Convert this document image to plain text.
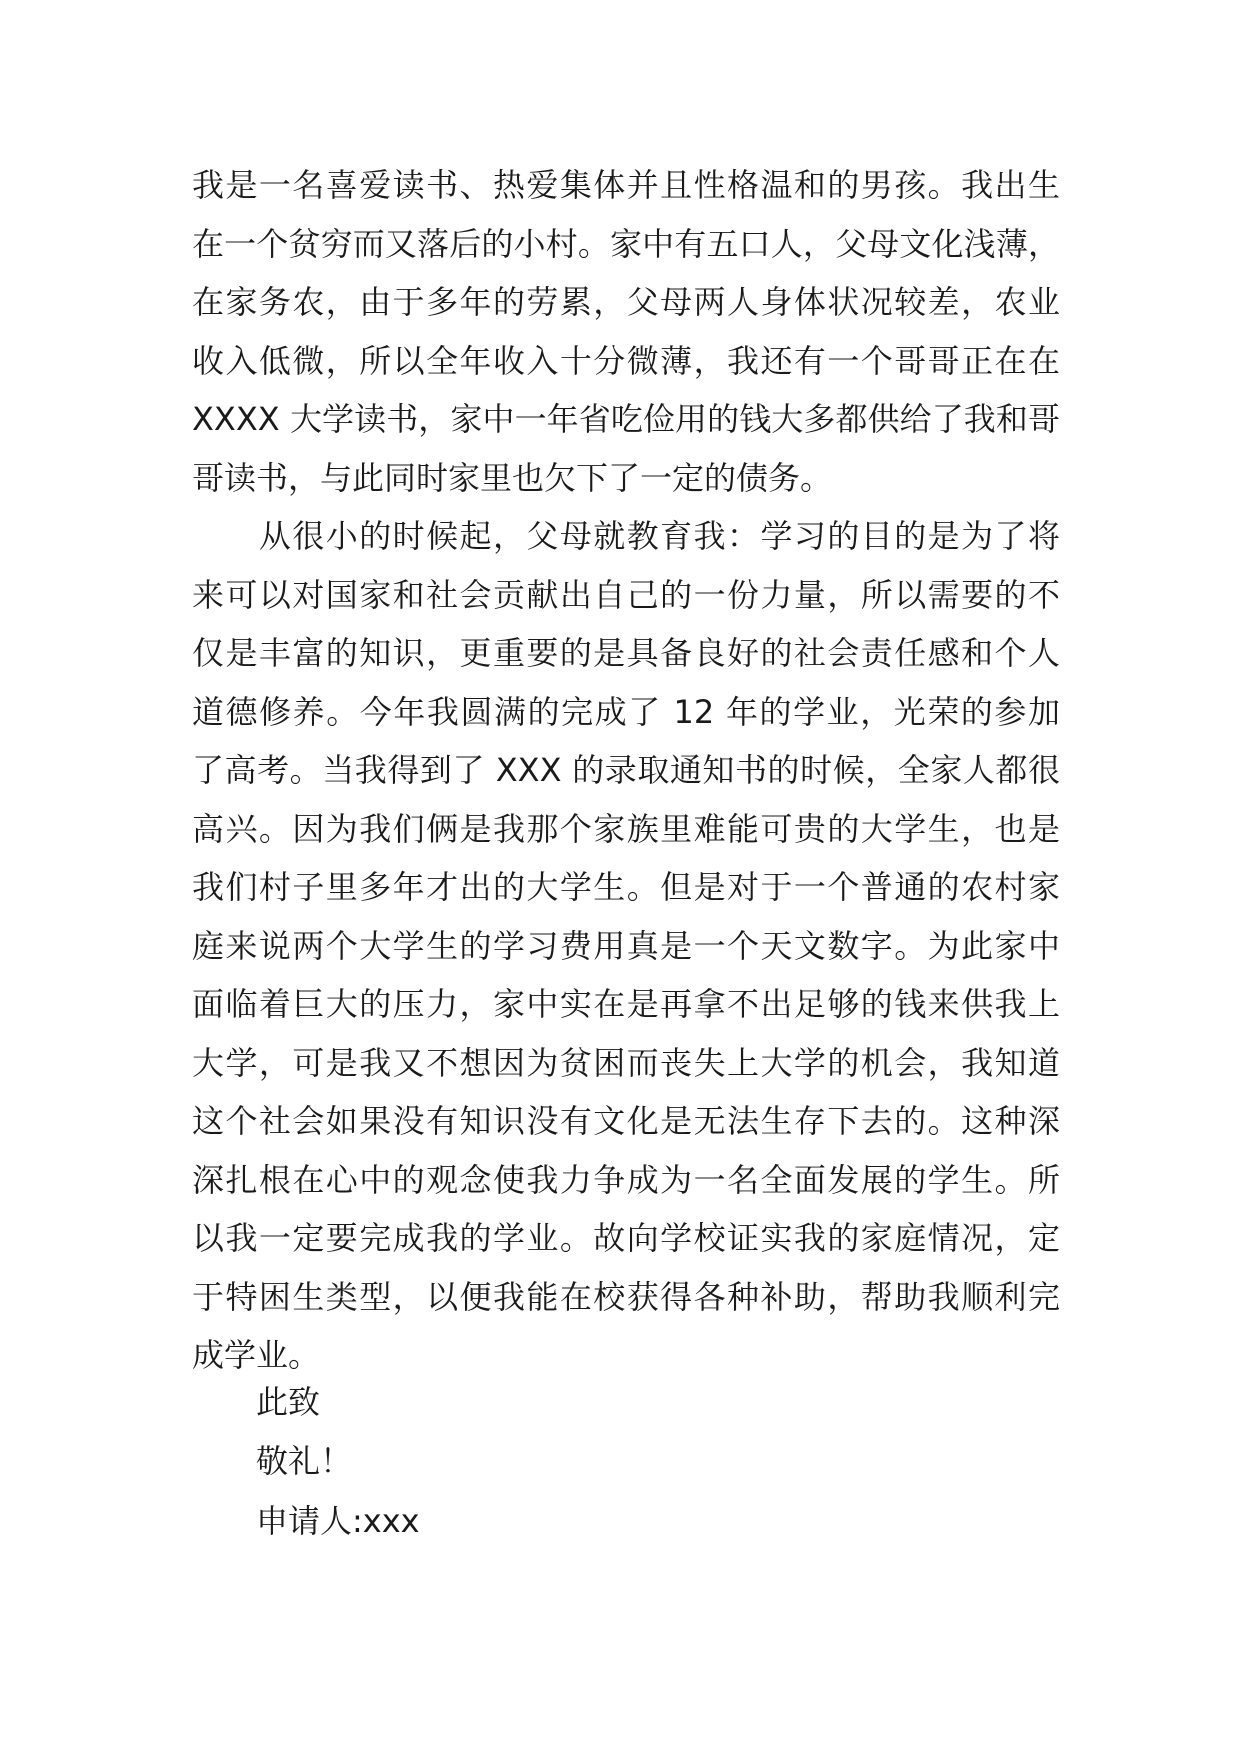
我是一名喜爱读书、热爱集体并且性格温和的男孩。我出生
在一个贫穷而又落后的小村。家中有五口人，父母文化浅薄，
在家务农，由于多年的劳累，父母两人身体状况较差，农业
收入低微，所以全年收入十分微薄，我还有一个哥哥正在在
XXXX 大学读书，家中一年省吃俭用的钱大多都供给了我和哥
哥读书，与此同时家里也欠下了一定的债务。
　　从很小的时候起，父母就教育我：学习的目的是为了将
来可以对国家和社会贡献出自己的一份力量，所以需要的不
仅是丰富的知识，更重要的是具备良好的社会责任感和个人
道德修养。今年我圆满的完成了 12 年的学业，光荣的参加
了高考。当我得到了 XXX 的录取通知书的时候，全家人都很
高兴。因为我们俩是我那个家族里难能可贵的大学生，也是
我们村子里多年才出的大学生。但是对于一个普通的农村家
庭来说两个大学生的学习费用真是一个天文数字。为此家中
面临着巨大的压力，家中实在是再拿不出足够的钱来供我上
大学，可是我又不想因为贫困而丧失上大学的机会，我知道
这个社会如果没有知识没有文化是无法生存下去的。这种深
深扎根在心中的观念使我力争成为一名全面发展的学生。所
以我一定要完成我的学业。故向学校证实我的家庭情况，定
于特困生类型，以便我能在校获得各种补助，帮助我顺利完
成学业。
此致
敬礼！
申请人:xxx
